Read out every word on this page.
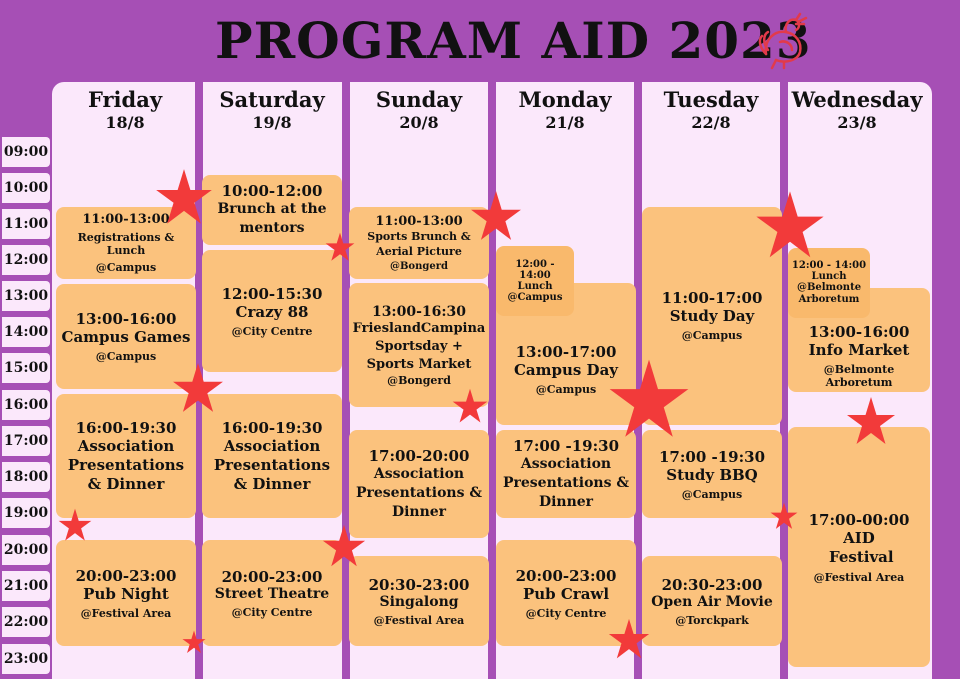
PROGRAM AID 2023
Friday
18/8
Saturday
19/8
Sunday
20/8
Monday
21/8
Tuesday
22/8
Wednesday
23/8
09:00
10:00
11:00
12:00
13:00
14:00
15:00
16:00
17:00
18:00
19:00
20:00
21:00
22:00
23:00
11:00-13:00
Registrations & Lunch
@Campus
13:00-16:00
Campus Games
@Campus
16:00-19:30
Association Presentations & Dinner
20:00-23:00
Pub Night
@Festival Area
10:00-12:00
Brunch at the mentors
12:00-15:30
Crazy 88
@City Centre
16:00-19:30
Association Presentations & Dinner
20:00-23:00
Street Theatre
@City Centre
11:00-13:00
Sports Brunch & Aerial Picture
@Bongerd
13:00-16:30
FrieslandCampina Sportsday + Sports Market
@Bongerd
17:00-20:00
Association Presentations & Dinner
20:30-23:00
Singalong
@Festival Area
13:00-17:00
Campus Day
@Campus
12:00 - 14:00
Lunch
@Campus
17:00 -19:30
Association Presentations & Dinner
20:00-23:00
Pub Crawl
@City Centre
11:00-17:00
Study Day
@Campus
17:00 -19:30
Study BBQ
@Campus
20:30-23:00
Open Air Movie
@Torckpark
13:00-16:00
Info Market
@Belmonte Arboretum
12:00 - 14:00
Lunch
@Belmonte Arboretum
17:00-00:00
AID Festival
@Festival Area
